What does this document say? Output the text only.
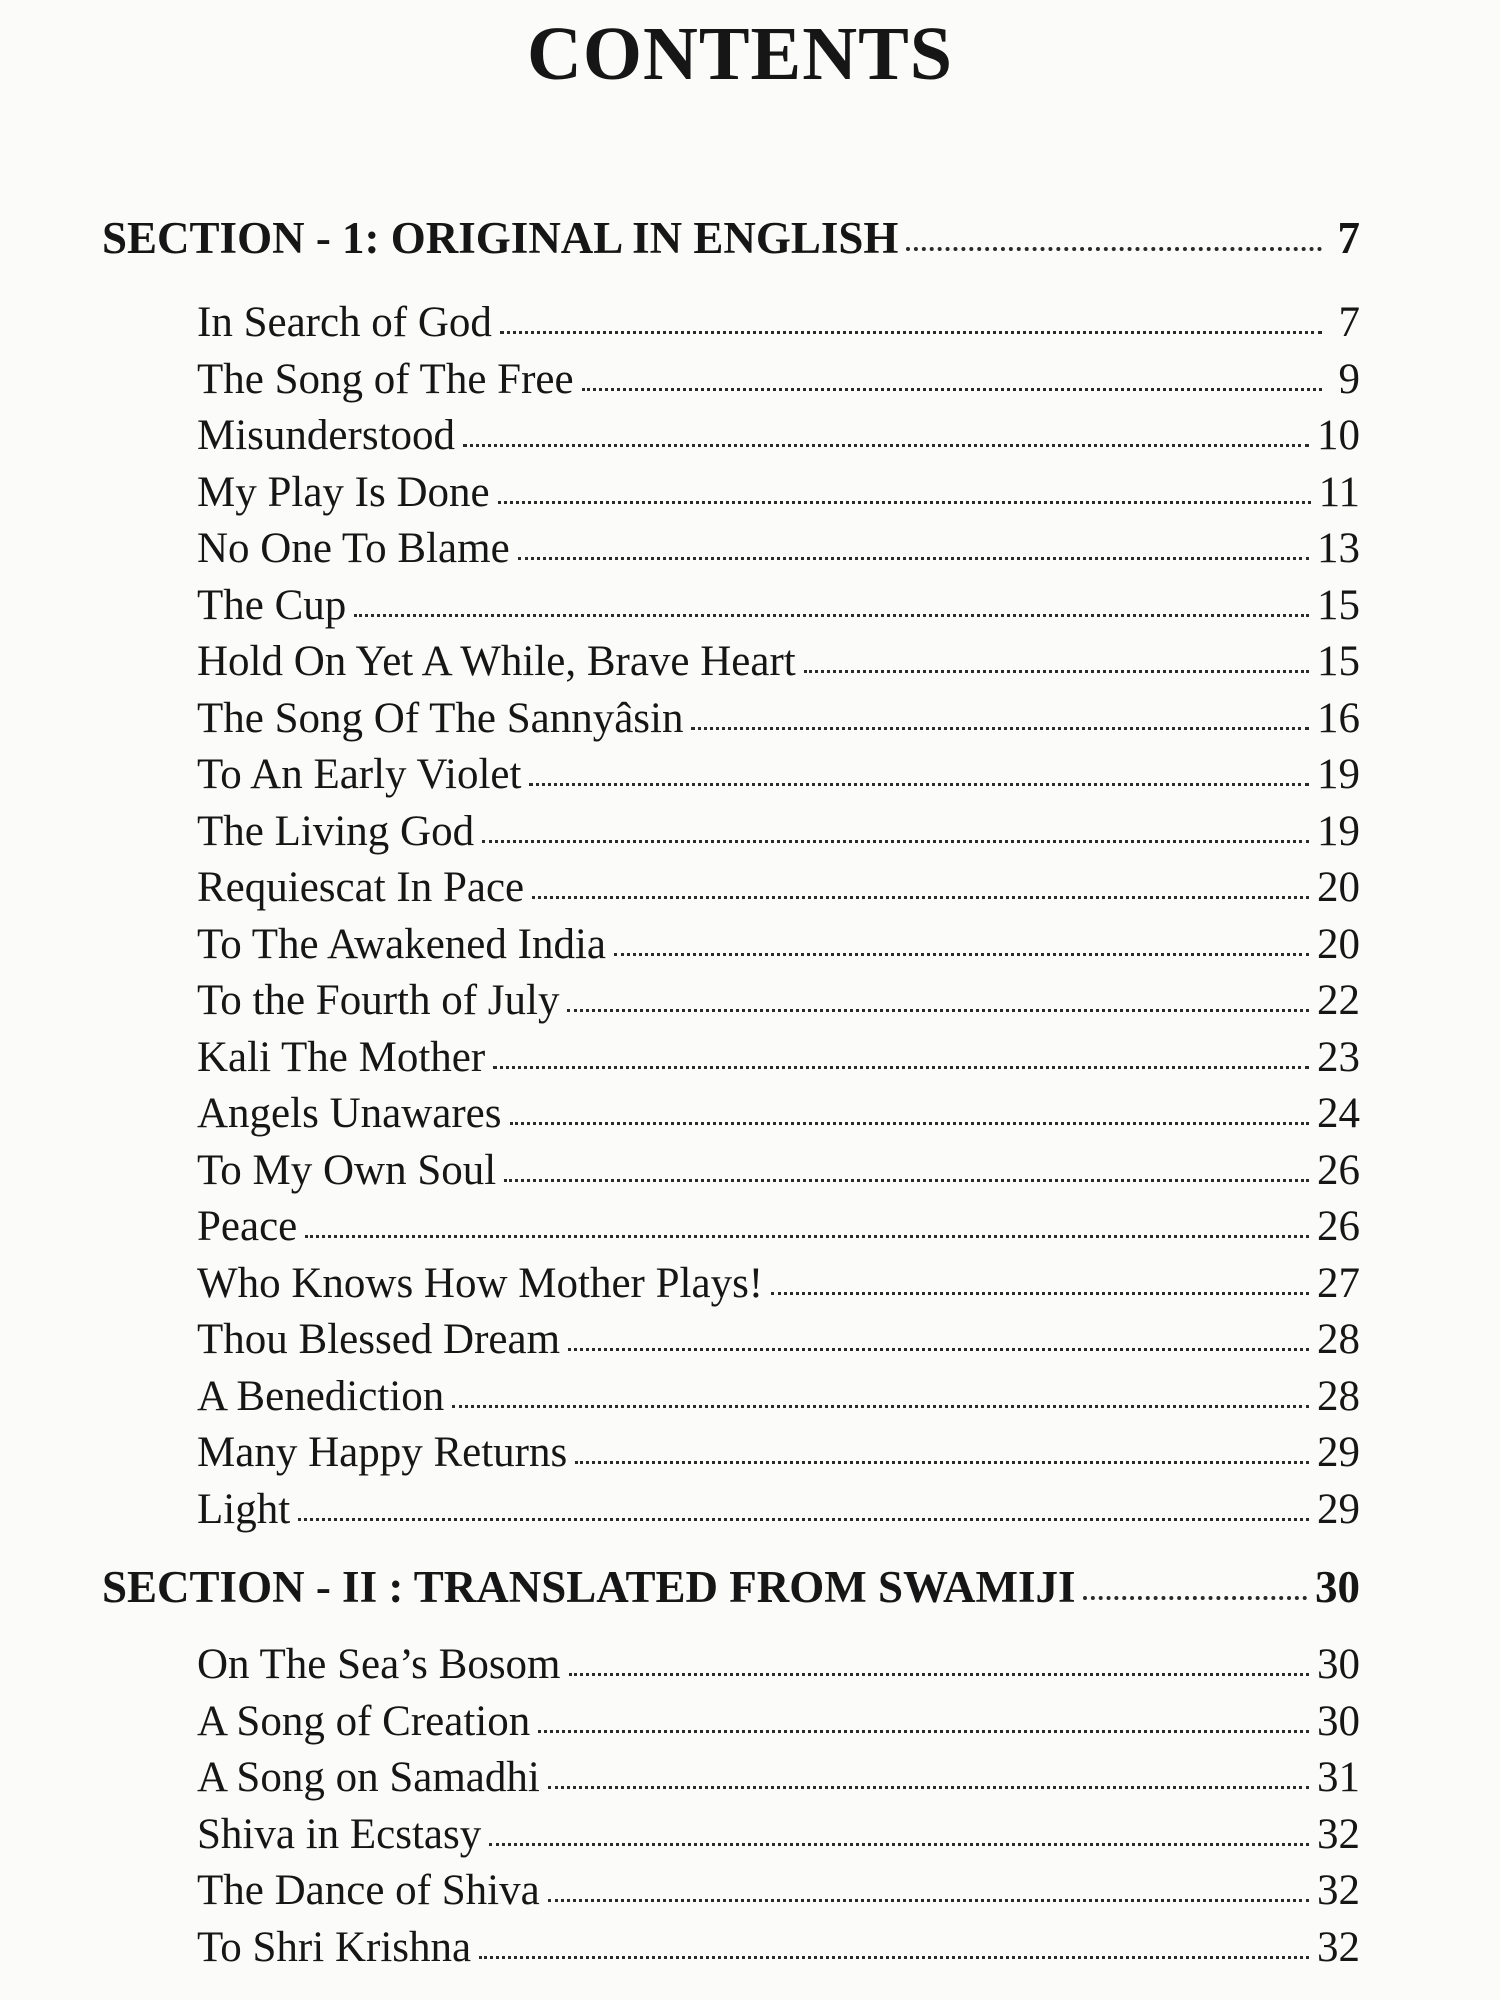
CONTENTS
SECTION - 1: ORIGINAL IN ENGLISH	7
In Search of God	7
The Song of The Free	9
Misunderstood	10
My Play Is Done	11
No One To Blame	13
The Cup	15
Hold On Yet A While, Brave Heart	15
The Song Of The Sannyâsin	16
To An Early Violet	19
The Living God	19
Requiescat In Pace	20
To The Awakened India	20
To the Fourth of July	22
Kali The Mother	23
Angels Unawares	24
To My Own Soul	26
Peace	26
Who Knows How Mother Plays!	27
Thou Blessed Dream	28
A Benediction	28
Many Happy Returns	29
Light	29
SECTION - II : TRANSLATED FROM SWAMIJI	30
On The Sea’s Bosom	30
A Song of Creation	30
A Song on Samadhi	31
Shiva in Ecstasy	32
The Dance of Shiva	32
To Shri Krishna	32
